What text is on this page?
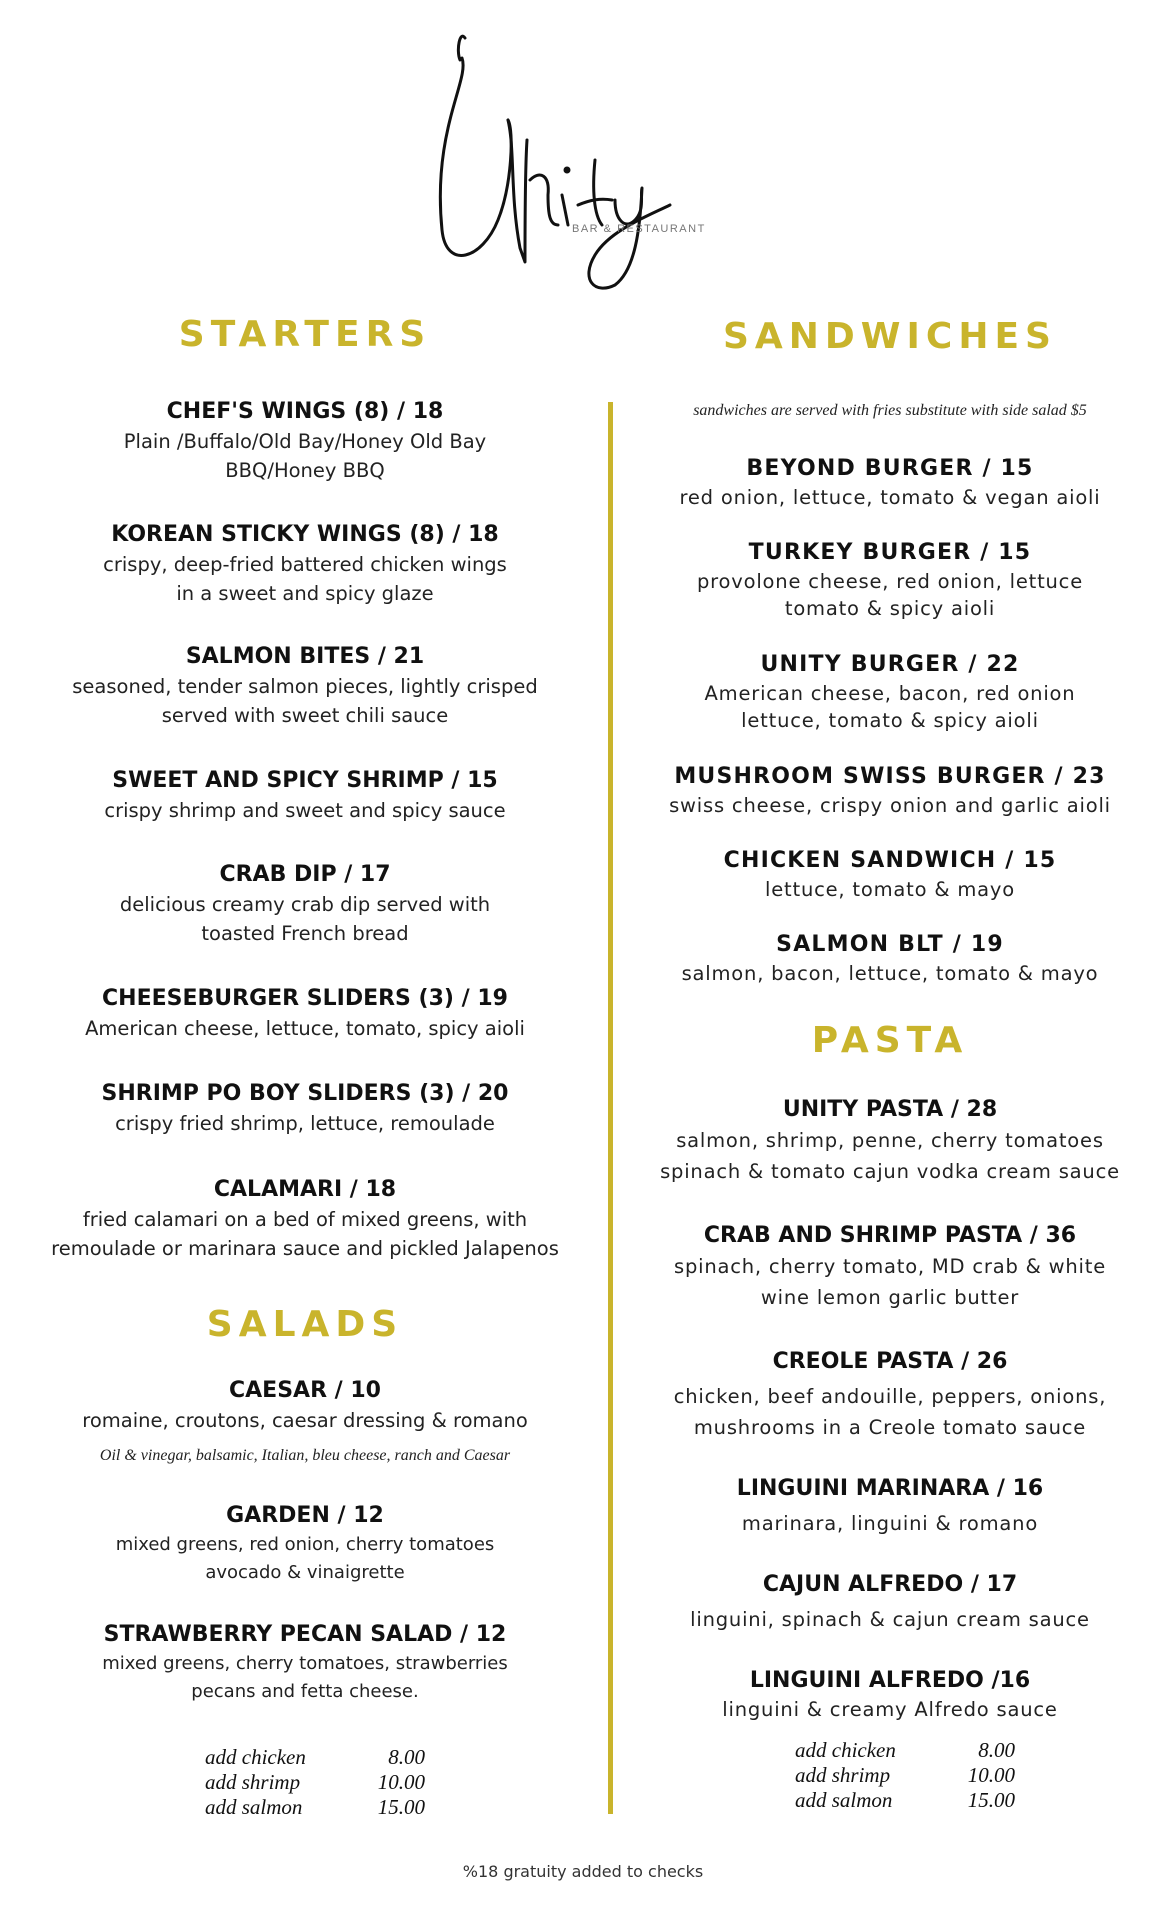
BAR & RESTAURANT
STARTERS
CHEF'S WINGS (8) / 18
Plain /Buffalo/Old Bay/Honey Old Bay
BBQ/Honey BBQ
KOREAN STICKY WINGS (8) / 18
crispy, deep-fried battered chicken wings
in a sweet and spicy glaze
SALMON BITES / 21
seasoned, tender salmon pieces, lightly crisped
served with sweet chili sauce
SWEET AND SPICY SHRIMP / 15
crispy shrimp and sweet and spicy sauce
CRAB DIP / 17
delicious creamy crab dip served with
toasted French bread
CHEESEBURGER SLIDERS (3) / 19
American cheese, lettuce, tomato, spicy aioli
SHRIMP PO BOY SLIDERS (3) / 20
crispy fried shrimp, lettuce, remoulade
CALAMARI / 18
fried calamari on a bed of mixed greens, with
remoulade or marinara sauce and pickled Jalapenos
SALADS
CAESAR / 10
romaine, croutons, caesar dressing & romano
Oil & vinegar, balsamic, Italian, bleu cheese, ranch and Caesar
GARDEN / 12
mixed greens, red onion, cherry tomatoes
avocado & vinaigrette
STRAWBERRY PECAN SALAD / 12
mixed greens, cherry tomatoes, strawberries
pecans and fetta cheese.
add chicken	8.00
add shrimp	10.00
add salmon	15.00
SANDWICHES
sandwiches are served with fries substitute with side salad $5
BEYOND BURGER / 15
red onion, lettuce, tomato & vegan aioli
TURKEY BURGER / 15
provolone cheese, red onion, lettuce
tomato & spicy aioli
UNITY BURGER / 22
American cheese, bacon, red onion
lettuce, tomato & spicy aioli
MUSHROOM SWISS BURGER / 23
swiss cheese, crispy onion and garlic aioli
CHICKEN SANDWICH / 15
lettuce, tomato & mayo
SALMON BLT / 19
salmon, bacon, lettuce, tomato & mayo
PASTA
UNITY PASTA / 28
salmon, shrimp, penne, cherry tomatoes
spinach & tomato cajun vodka cream sauce
CRAB AND SHRIMP PASTA / 36
spinach, cherry tomato, MD crab & white
wine lemon garlic butter
CREOLE PASTA / 26
chicken, beef andouille, peppers, onions,
mushrooms in a Creole tomato sauce
LINGUINI MARINARA / 16
marinara, linguini & romano
CAJUN ALFREDO / 17
linguini, spinach & cajun cream sauce
LINGUINI ALFREDO /16
linguini & creamy Alfredo sauce
add chicken	8.00
add shrimp	10.00
add salmon	15.00
%18 gratuity added to checks
